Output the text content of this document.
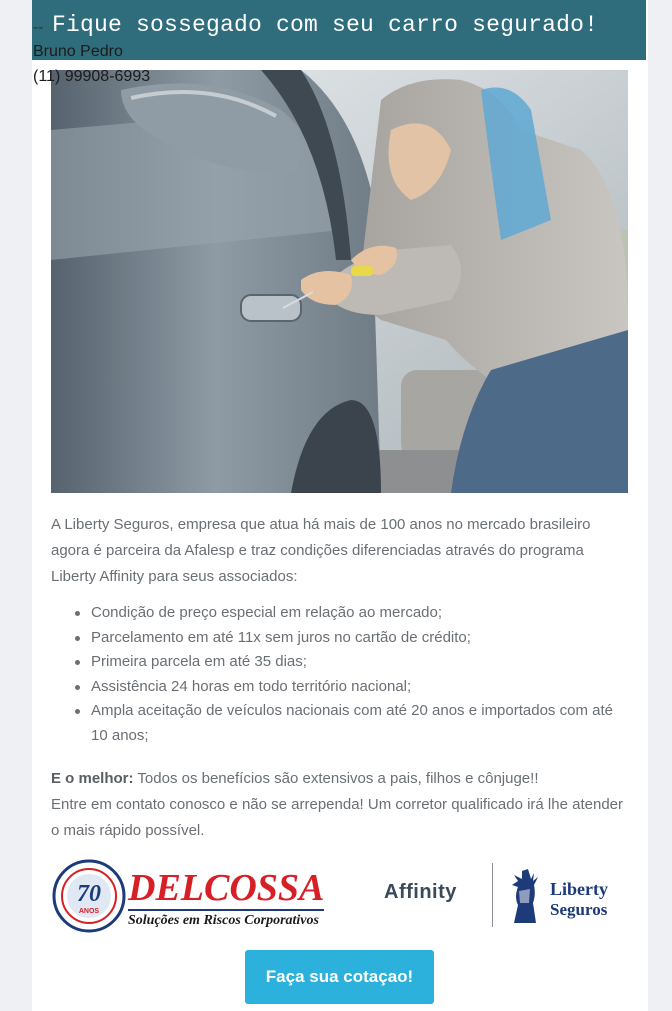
Fique sossegado com seu carro segurado!
--
Bruno Pedro
(11) 99908-6993

A Liberty Seguros, empresa que atua há mais de 100 anos no mercado brasileiro agora é parceira da Afalesp e traz condições diferenciadas através do programa Liberty Affinity para seus associados:

Condição de preço especial em relação ao mercado;
Parcelamento em até 11x sem juros no cartão de crédito;
Primeira parcela em até 35 dias;
Assistência 24 horas em todo território nacional;
Ampla aceitação de veículos nacionais com até 20 anos e importados com até 10 anos;

E o melhor: Todos os benefícios são extensivos a pais, filhos e cônjuge!!

Entre em contato conosco e não se arrependa! Um corretor qualificado irá lhe atender o mais rápido possível.

70
ANOS
DELCOSSA
Soluções em Riscos Corporativos
Affinity	Liberty
Seguros
Faça sua cotaçao!
